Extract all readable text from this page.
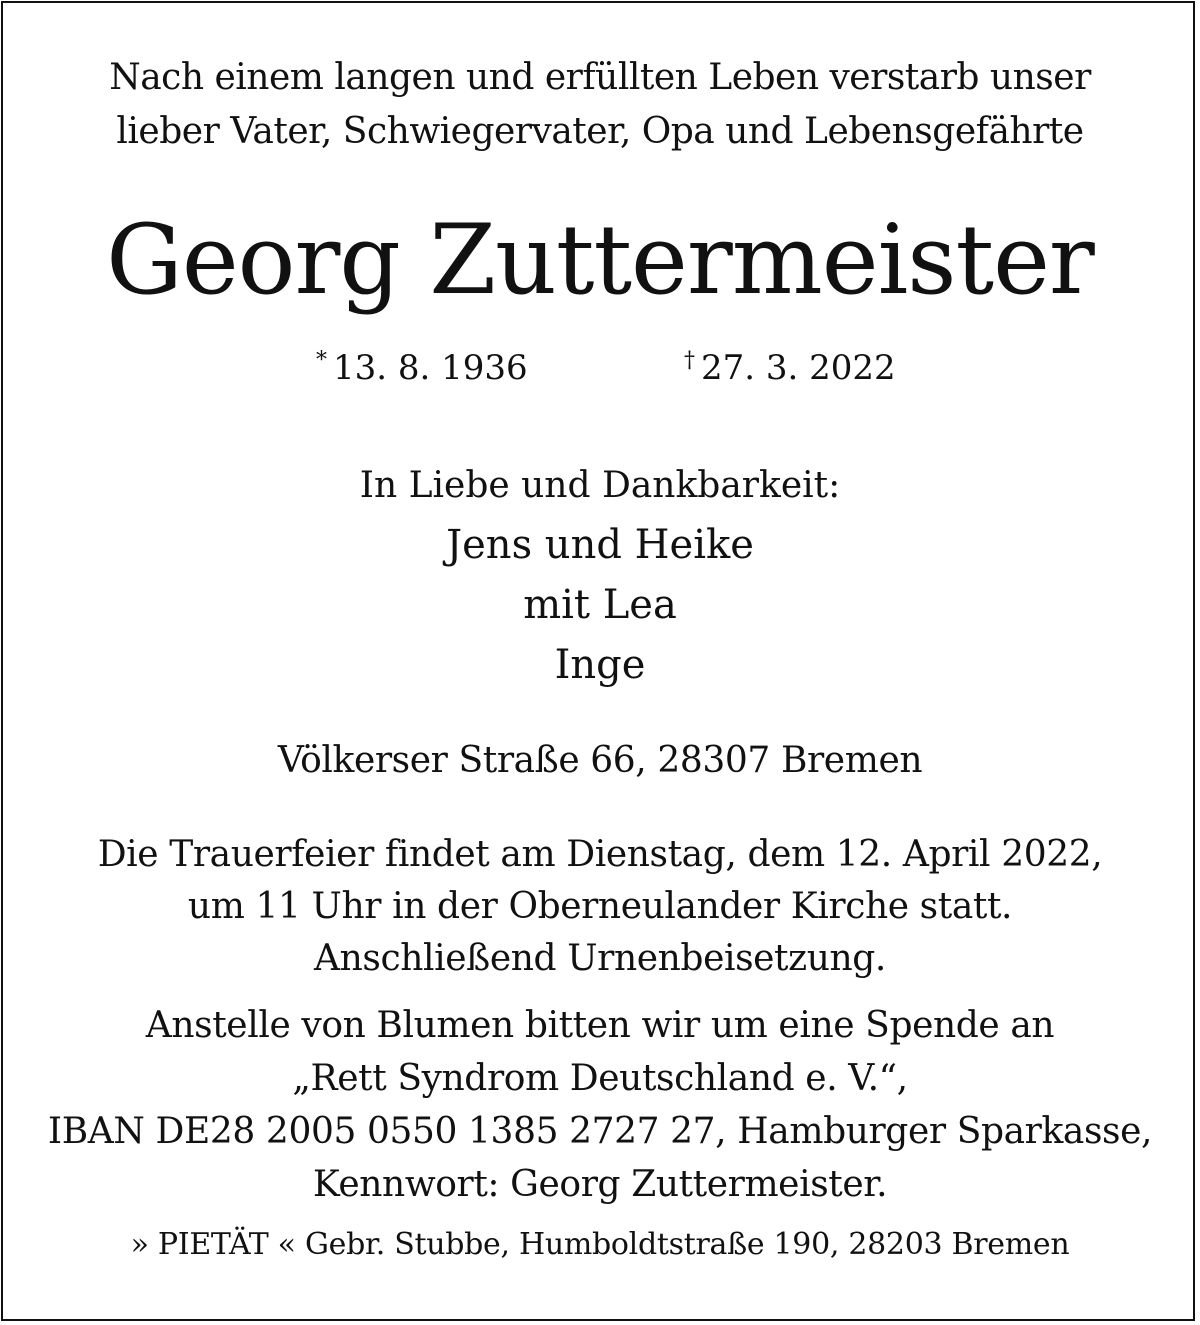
Nach einem langen und erfüllten Leben verstarb unser
lieber Vater, Schwiegervater, Opa und Lebensgefährte
Georg Zuttermeister
* 13. 8. 1936	† 27. 3. 2022
In Liebe und Dankbarkeit:
Jens und Heike
mit Lea
Inge
Völkerser Straße 66, 28307 Bremen
Die Trauerfeier findet am Dienstag, dem 12. April 2022,
um 11 Uhr in der Oberneulander Kirche statt.
Anschließend Urnenbeisetzung.
Anstelle von Blumen bitten wir um eine Spende an
„Rett Syndrom Deutschland e. V.“,
IBAN DE28 2005 0550 1385 2727 27, Hamburger Sparkasse,
Kennwort: Georg Zuttermeister.
» PIETÄT « Gebr. Stubbe, Humboldtstraße 190, 28203 Bremen
